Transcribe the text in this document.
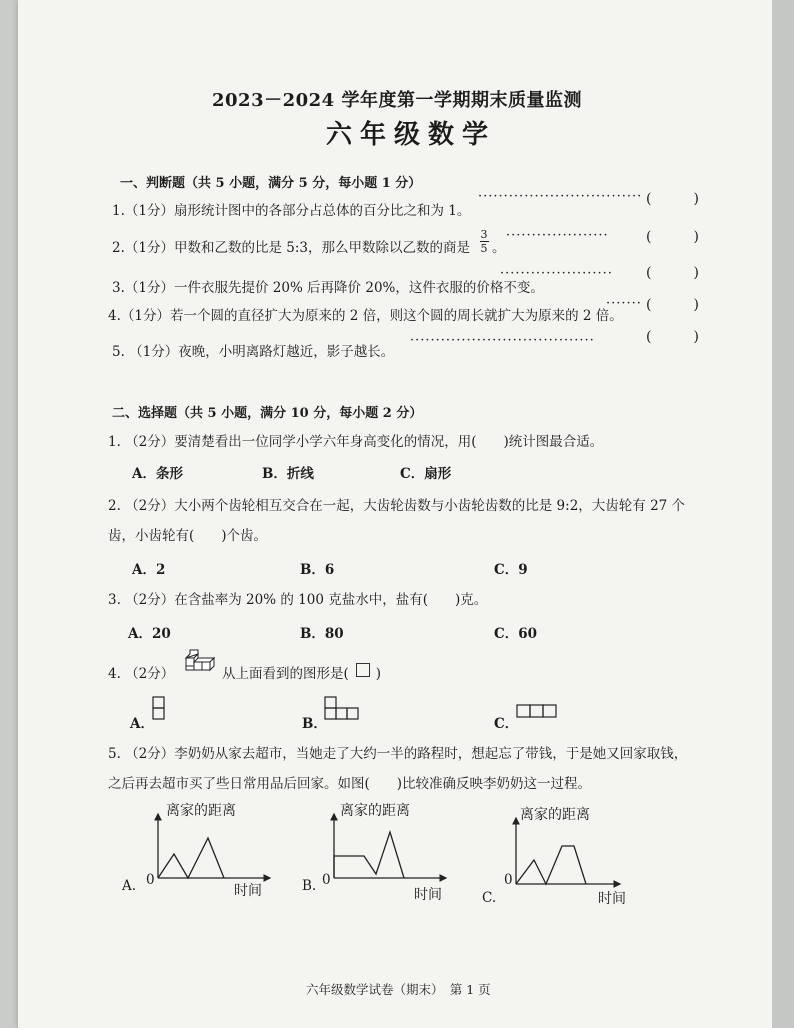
2023－2024 学年度第一学期期末质量监测
六年级数学
一、判断题（共 5 小题，满分 5 分，每小题 1 分）
1.（1分）扇形统计图中的各部分占总体的百分比之和为 1。
································ (　　　)
2.（1分）甲数和乙数的比是 5:3，那么甲数除以乙数的商是
3
5 。
····················	(　　　)
3.（1分）一件衣服先提价 20% 后再降价 20%，这件衣服的价格不变。
······················ (　　　)
4.（1分）若一个圆的直径扩大为原来的 2 倍，则这个圆的周长就扩大为原来的 2 倍。
······· (　　　)
5. （1分）夜晚，小明离路灯越近，影子越长。
····································	(　　　)
二、选择题（共 5 小题，满分 10 分，每小题 2 分）
1. （2分）要清楚看出一位同学小学六年身高变化的情况，用(　　)统计图最合适。
A．条形	B．折线	C．扇形
2. （2分）大小两个齿轮相互交合在一起，大齿轮齿数与小齿轮齿数的比是 9:2，大齿轮有 27 个
齿，小齿轮有(　　)个齿。
A．2	B．6	C．9
3. （2分）在含盐率为 20% 的 100 克盐水中，盐有(　　)克。
A．20	B．80	C．60
4. （2分）	从上面看到的图形是(　　)
A．	B．	C．
5. （2分）李奶奶从家去超市，当她走了大约一半的路程时，想起忘了带钱，于是她又回家取钱，
之后再去超市买了些日常用品后回家。如图(　　)比较准确反映李奶奶这一过程。
离家的距离
A. 0
时间
离家的距离
B. 0
时间
离家的距离
C.
0
时间
六年级数学试卷（期末）　第 1 页
